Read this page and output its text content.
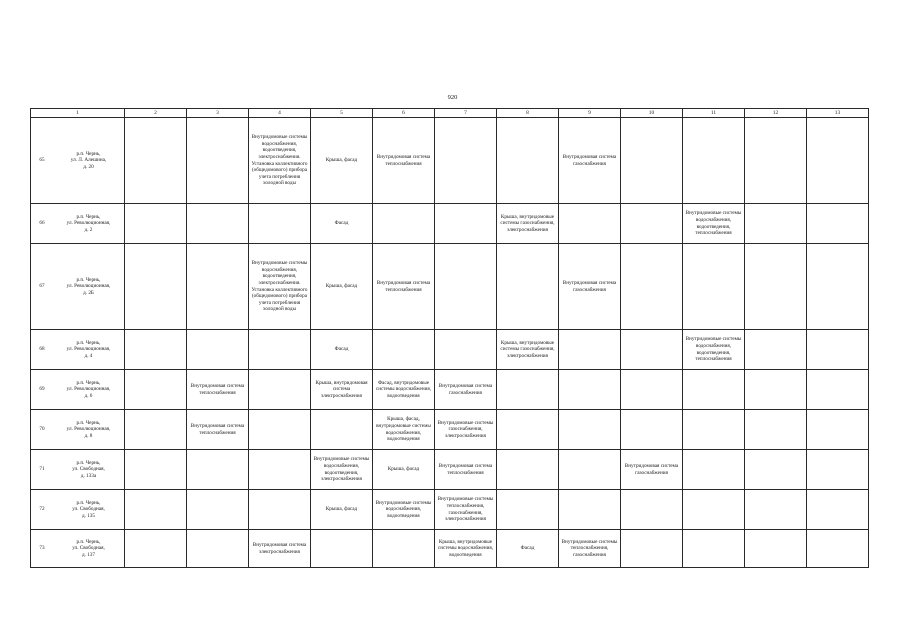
920
1	2	3	4	5	6	7	8	9	10	11	12	13

65
р.п. Чернь,
ул. Л. Алешина,
д. 20			Внутридомовые системы водоснабжения, водоотведения, электроснабжения. Установка коллективного (общедомового) прибора учета потребления холодной воды	Крыша, фасад	Внутридомовая система теплоснабжения			Внутридомовая система газоснабжения				

66
р.п. Чернь,
ул. Революционная,
д. 2				Фасад			Крыша, внутридомовые системы газоснабжения, электроснабжения			Внутридомовые системы водоснабжения, водоотведения, теплоснабжения		

67
р.п. Чернь,
ул. Революционная,
д. 2Б			Внутридомовые системы водоснабжения, водоотведения, электроснабжения. Установка коллективного (общедомового) прибора учета потребления холодной воды	Крыша, фасад	Внутридомовая система теплоснабжения			Внутридомовая система газоснабжения				

68
р.п. Чернь,
ул. Революционная,
д. 4				Фасад			Крыша, внутридомовые системы газоснабжения, электроснабжения			Внутридомовые системы водоснабжения, водоотведения, теплоснабжения		

69
р.п. Чернь,
ул. Революционная,
д. 6		Внутридомовая система теплоснабжения		Крыша, внутридомовая система электроснабжения	Фасад, внутридомовые системы водоснабжения, водоотведения	Внутридомовая система газоснабжения						

70
р.п. Чернь,
ул. Революционная,
д. 8		Внутридомовая система теплоснабжения			Крыша, фасад, внутридомовые системы водоснабжения, водоотведения	Внутридомовые системы газоснабжения, электроснабжения						

71
р.п. Чернь,
ул. Свободная,
д. 133а				Внутридомовые системы водоснабжения, водоотведения, электроснабжения	Крыша, фасад	Внутридомовая система теплоснабжения			Внутридомовая система газоснабжения			

72
р.п. Чернь,
ул. Свободная,
д. 135				Крыша, фасад	Внутридомовые системы водоснабжения, водоотведения	Внутридомовые системы теплоснабжения, газоснабжения, электроснабжения						

73
р.п. Чернь,
ул. Свободная,
д. 137			Внутридомовая система электроснабжения			Крыша, внутридомовые системы водоснабжения, водоотведения	Фасад	Внутридомовые системы теплоснабжения, газоснабжения				
